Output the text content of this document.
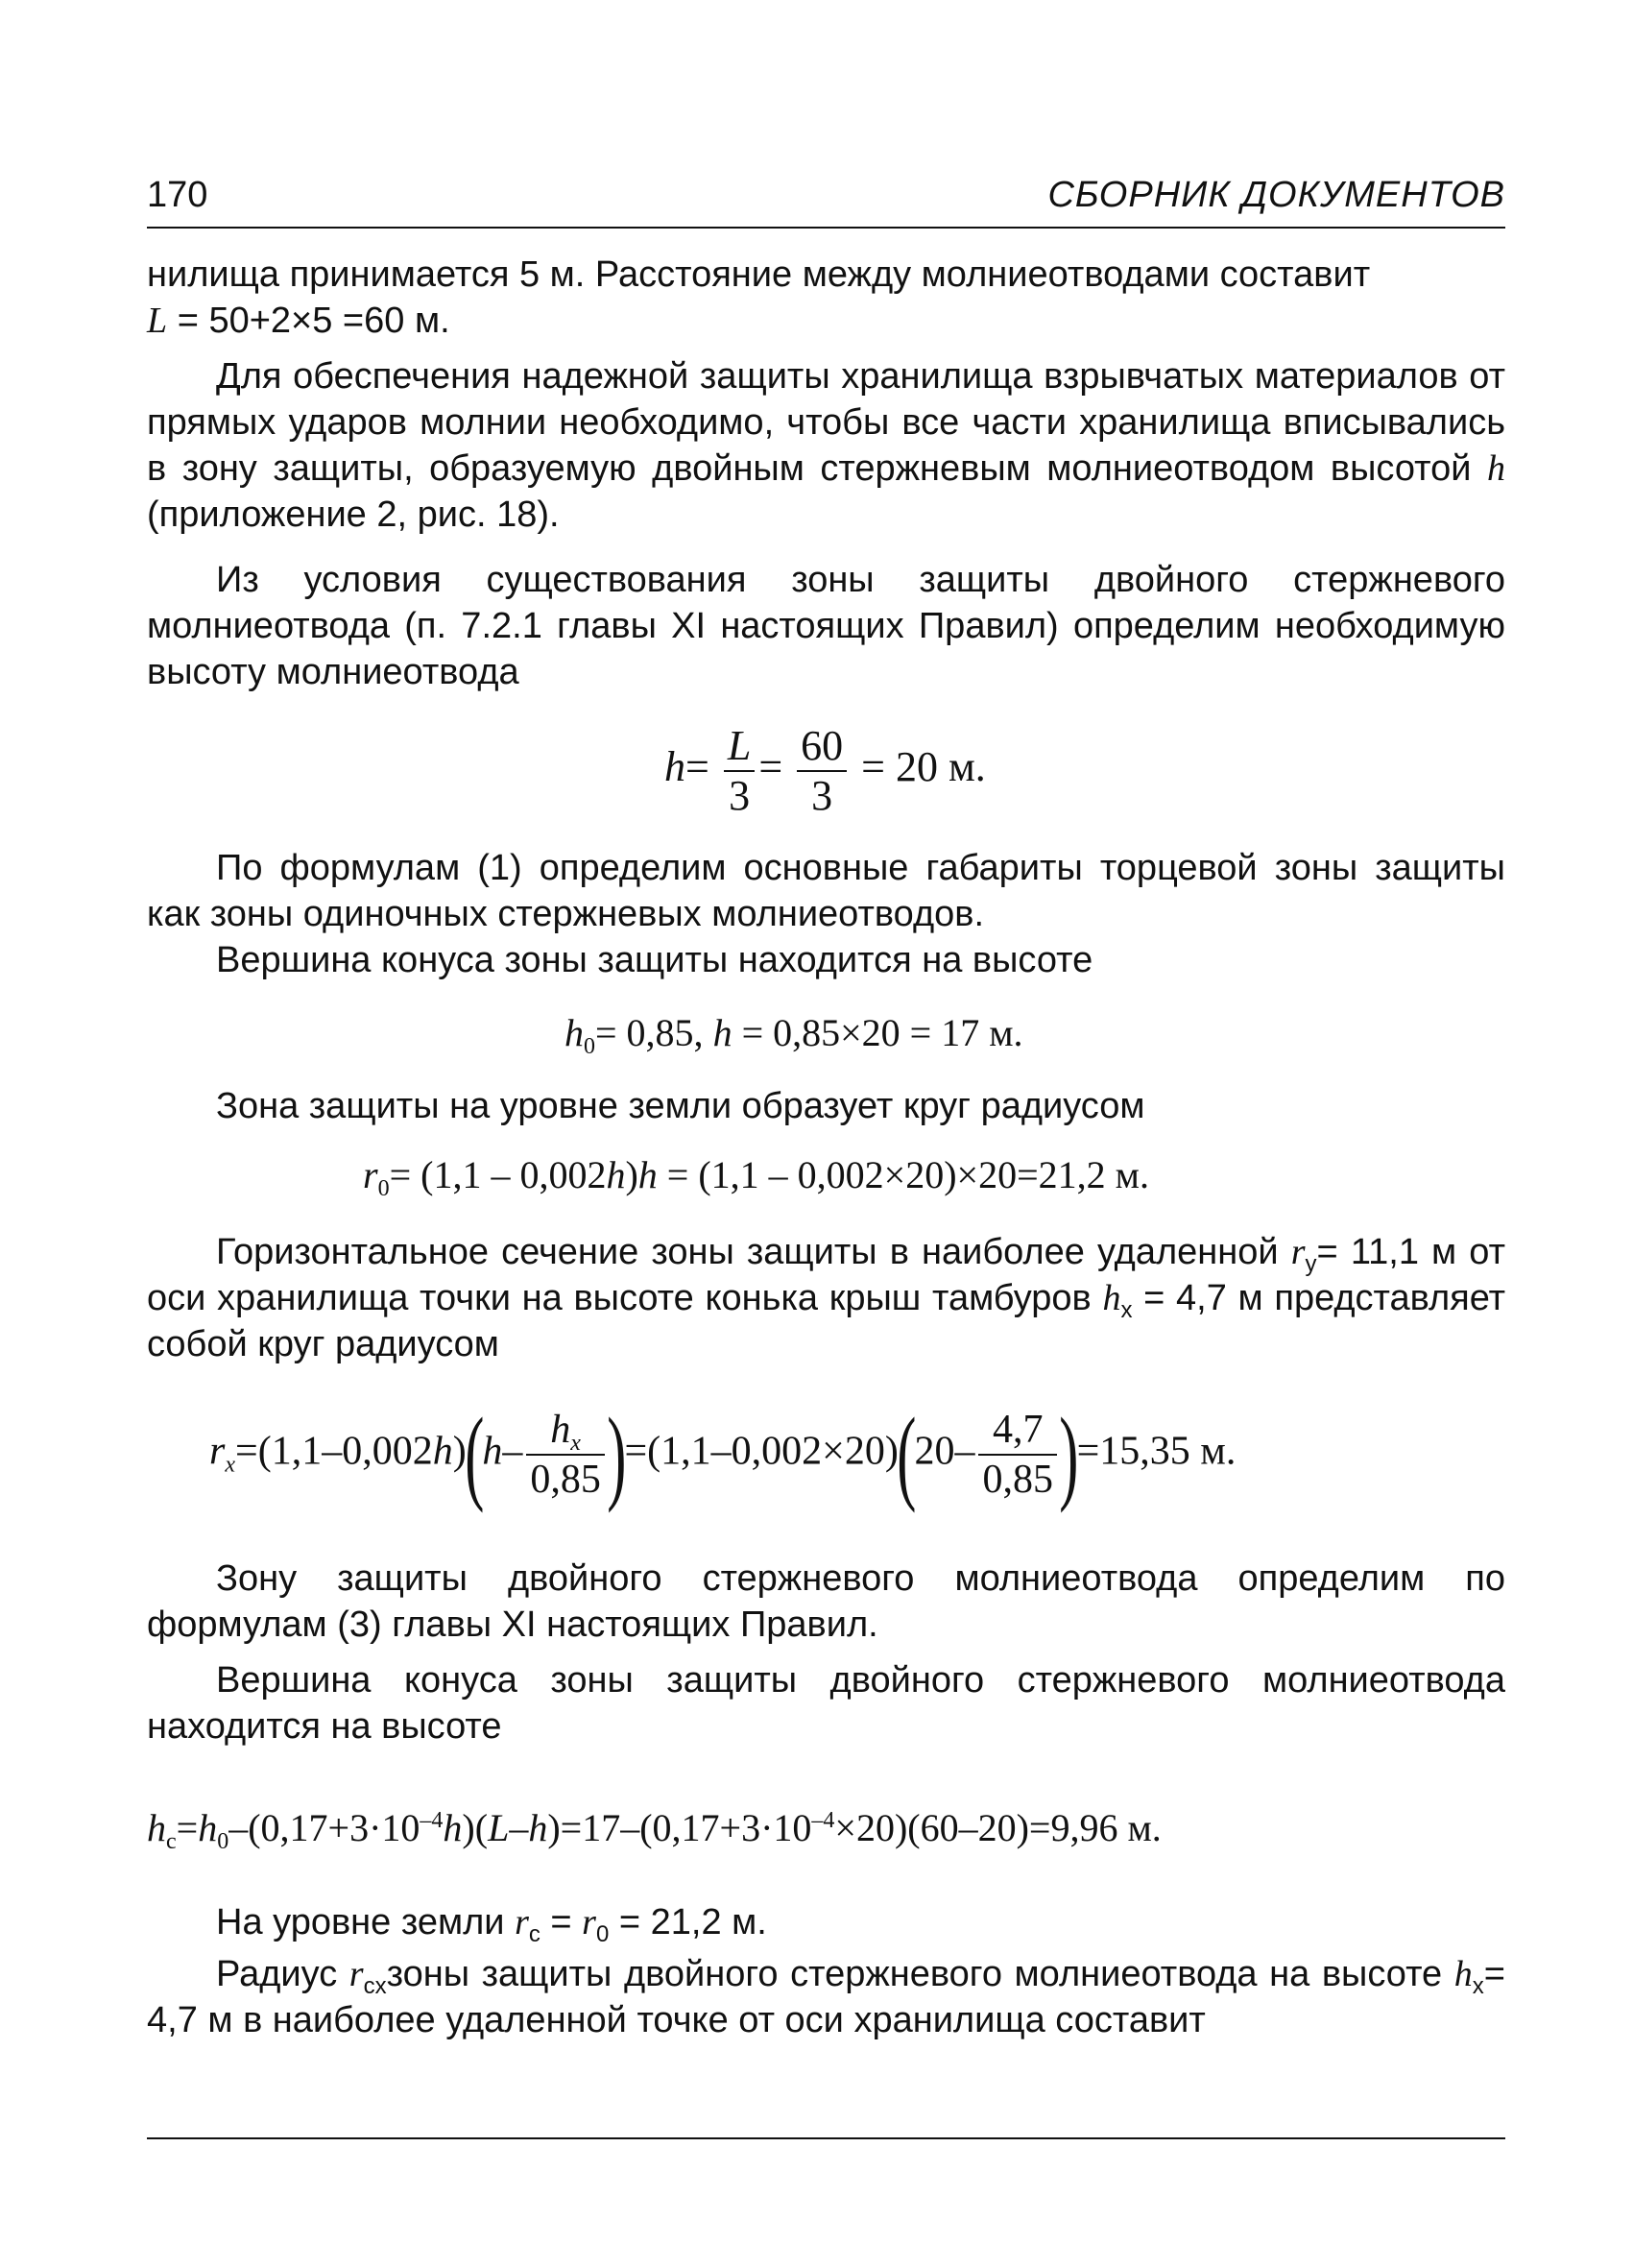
170	СБОРНИК ДОКУМЕНТОВ
нилища принимается 5 м. Расстояние между молниеотводами составит
L = 50+2×5 =60 м.
Для обеспечения надежной защиты хранилища взрывчатых материалов от прямых ударов молнии необходимо, чтобы все части хранилища вписывались в зону защиты, образуемую двойным стержневым молниеотводом высотой h (приложение 2, рис. 18).
Из условия существования зоны защиты двойного стержневого молниеотвода (п. 7.2.1 главы XI настоящих Правил) определим необходимую высоту молниеотвода
$h= \frac{L}{3} = \frac{60}{3} = 20$ м.
По формулам (1) определим основные габариты торцевой зоны защиты как зоны одиночных стержневых молниеотводов.
Вершина конуса зоны защиты находится на высоте
$h_0= 0,85$, h = 0,85×20 = 17 м.
Зона защиты на уровне земли образует круг радиусом
$r_0= (1,1 - 0,002h)h = (1,1 - 0,002\times 20)\times 20=21,2$ м.
Горизонтальное сечение зоны защиты в наиболее удаленной $r_y= 11,1$ м от оси хранилища точки на высоте конька крыш тамбуров $h_x = 4,7$ м представляет собой круг радиусом
$r_x=(1,1-0,002h)(h- \frac{h_x}{0,85} )=(1,1-0,002\times 20)(20- \frac{4,7}{0,85} )=15,35$ м.
Зону защиты двойного стержневого молниеотвода определим по формулам (3) главы XI настоящих Правил.
Вершина конуса зоны защиты двойного стержневого молниеотвода находится на высоте
$h_c=h_0-(0,17+3\cdot 10^{-4}h)(L-h)=17-(0,17+3\cdot 10^{-4}\times 20)(60-20)=9,96$ м.
На уровне земли $r_с = r_0 = 21,2$ м.
Радиус $r_{сx}зоны$ защиты двойного стержневого молниеотвода на высоте $h_x= 4,7$ м в наиболее удаленной точке от оси хранилища составит
